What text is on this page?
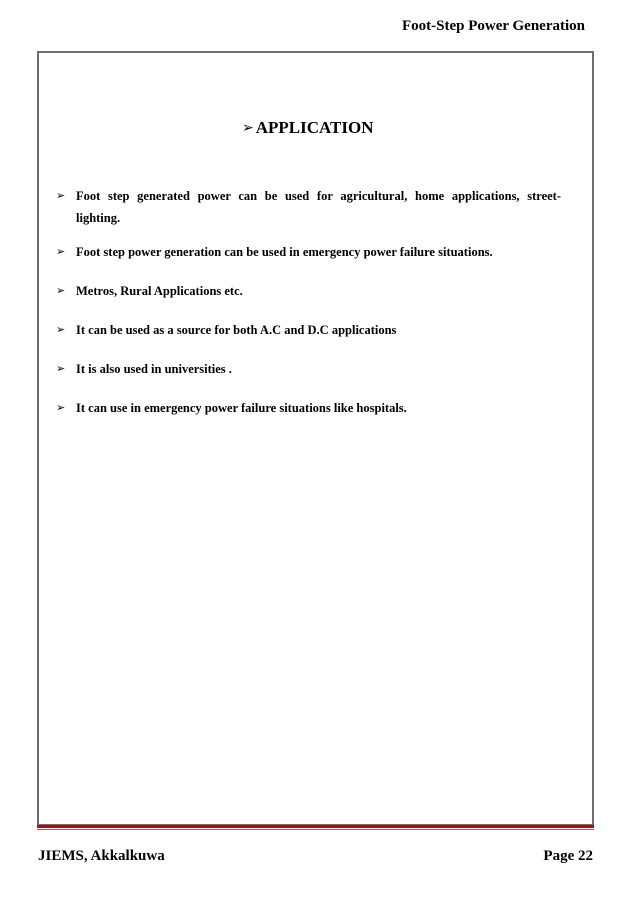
Foot-Step Power Generation
➢ APPLICATION
➢ Foot step generated power can be used for agricultural, home applications, street-lighting.
➢ Foot step power generation can be used in emergency power failure situations.
➢ Metros, Rural Applications etc.
➢ It can be used as a source for both A.C and D.C applications
➢ It is also used in universities .
➢ It can use in emergency power failure situations like hospitals.
JIEMS, Akkalkuwa	Page 22
